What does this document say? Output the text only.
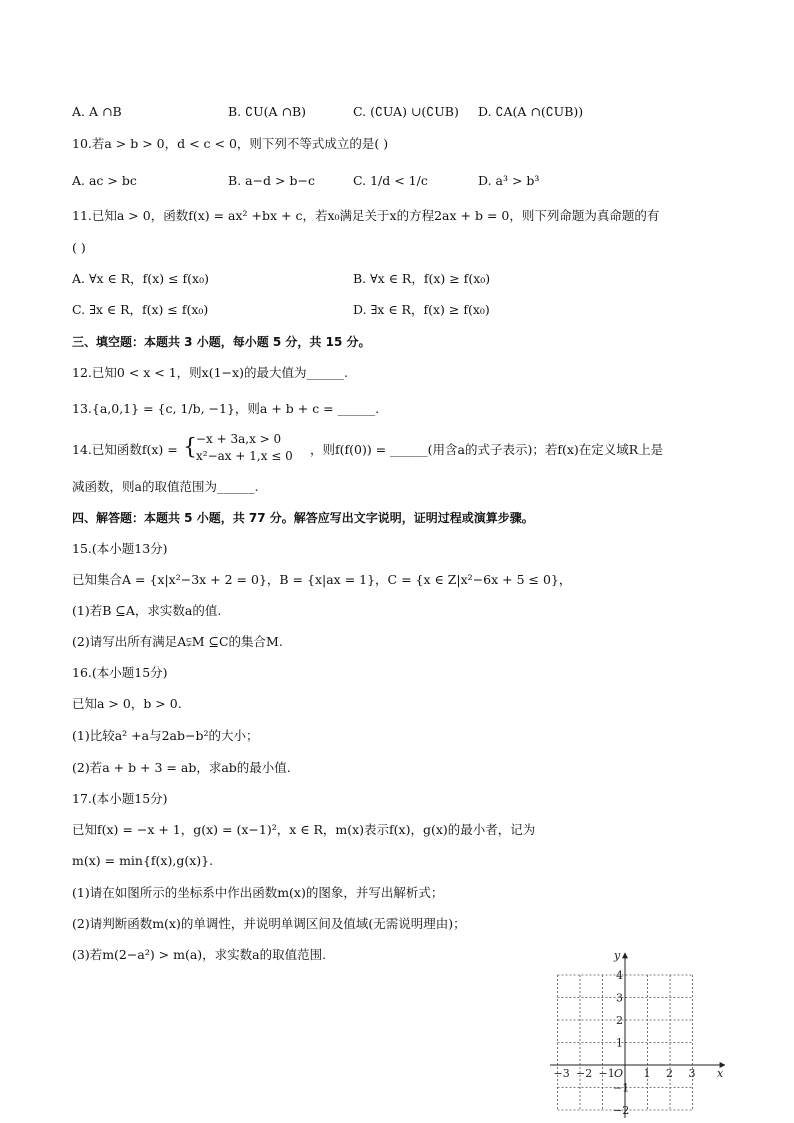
A. A ∩B	B. ∁U(A ∩B)	C. (∁UA) ∪(∁UB) D. ∁A(A ∩(∁UB))
10.若a > b > 0，d < c < 0，则下列不等式成立的是( )
A. ac > bc	B. a−d > b−c	C. 1/d < 1/c	D. a³ > b³
11.已知a > 0，函数f(x) = ax² +bx + c，若x₀满足关于x的方程2ax + b = 0，则下列命题为真命题的有
( )
A. ∀x ∈ R，f(x) ≤ f(x₀)	B. ∀x ∈ R，f(x) ≥ f(x₀)
C. ∃x ∈ R，f(x) ≤ f(x₀)	D. ∃x ∈ R，f(x) ≥ f(x₀)
三、填空题：本题共 3 小题，每小题 5 分，共 15 分。
12.已知0 < x < 1，则x(1−x)的最大值为______.
13.{a,0,1} = {c, 1/b, −1}，则a + b + c = ______.
14.已知函数f(x) = { −x + 3a,x > 0
x²−ax + 1,x ≤ 0 ，则f(f(0)) = ______(用含a的式子表示)；若f(x)在定义域R上是
减函数，则a的取值范围为______.
四、解答题：本题共 5 小题，共 77 分。解答应写出文字说明，证明过程或演算步骤。
15.(本小题13分)
已知集合A = {x|x²−3x + 2 = 0}，B = {x|ax = 1}，C = {x ∈ Z|x²−6x + 5 ≤ 0}，
(1)若B ⊆A，求实数a的值.
(2)请写出所有满足A⫋M ⊆C的集合M.
16.(本小题15分)
已知a > 0，b > 0.
(1)比较a² +a与2ab−b²的大小；
(2)若a + b + 3 = ab，求ab的最小值.
17.(本小题15分)
已知f(x) = −x + 1，g(x) = (x−1)²，x ∈ R，m(x)表示f(x)，g(x)的最小者，记为
m(x) = min{f(x),g(x)}.
(1)请在如图所示的坐标系中作出函数m(x)的图象，并写出解析式；
(2)请判断函数m(x)的单调性，并说明单调区间及值域(无需说明理由)；
(3)若m(2−a²) > m(a)，求实数a的取值范围.
x
y
O
−3 −2 −1	1 2 3
4
3
2
1
−1
−2
